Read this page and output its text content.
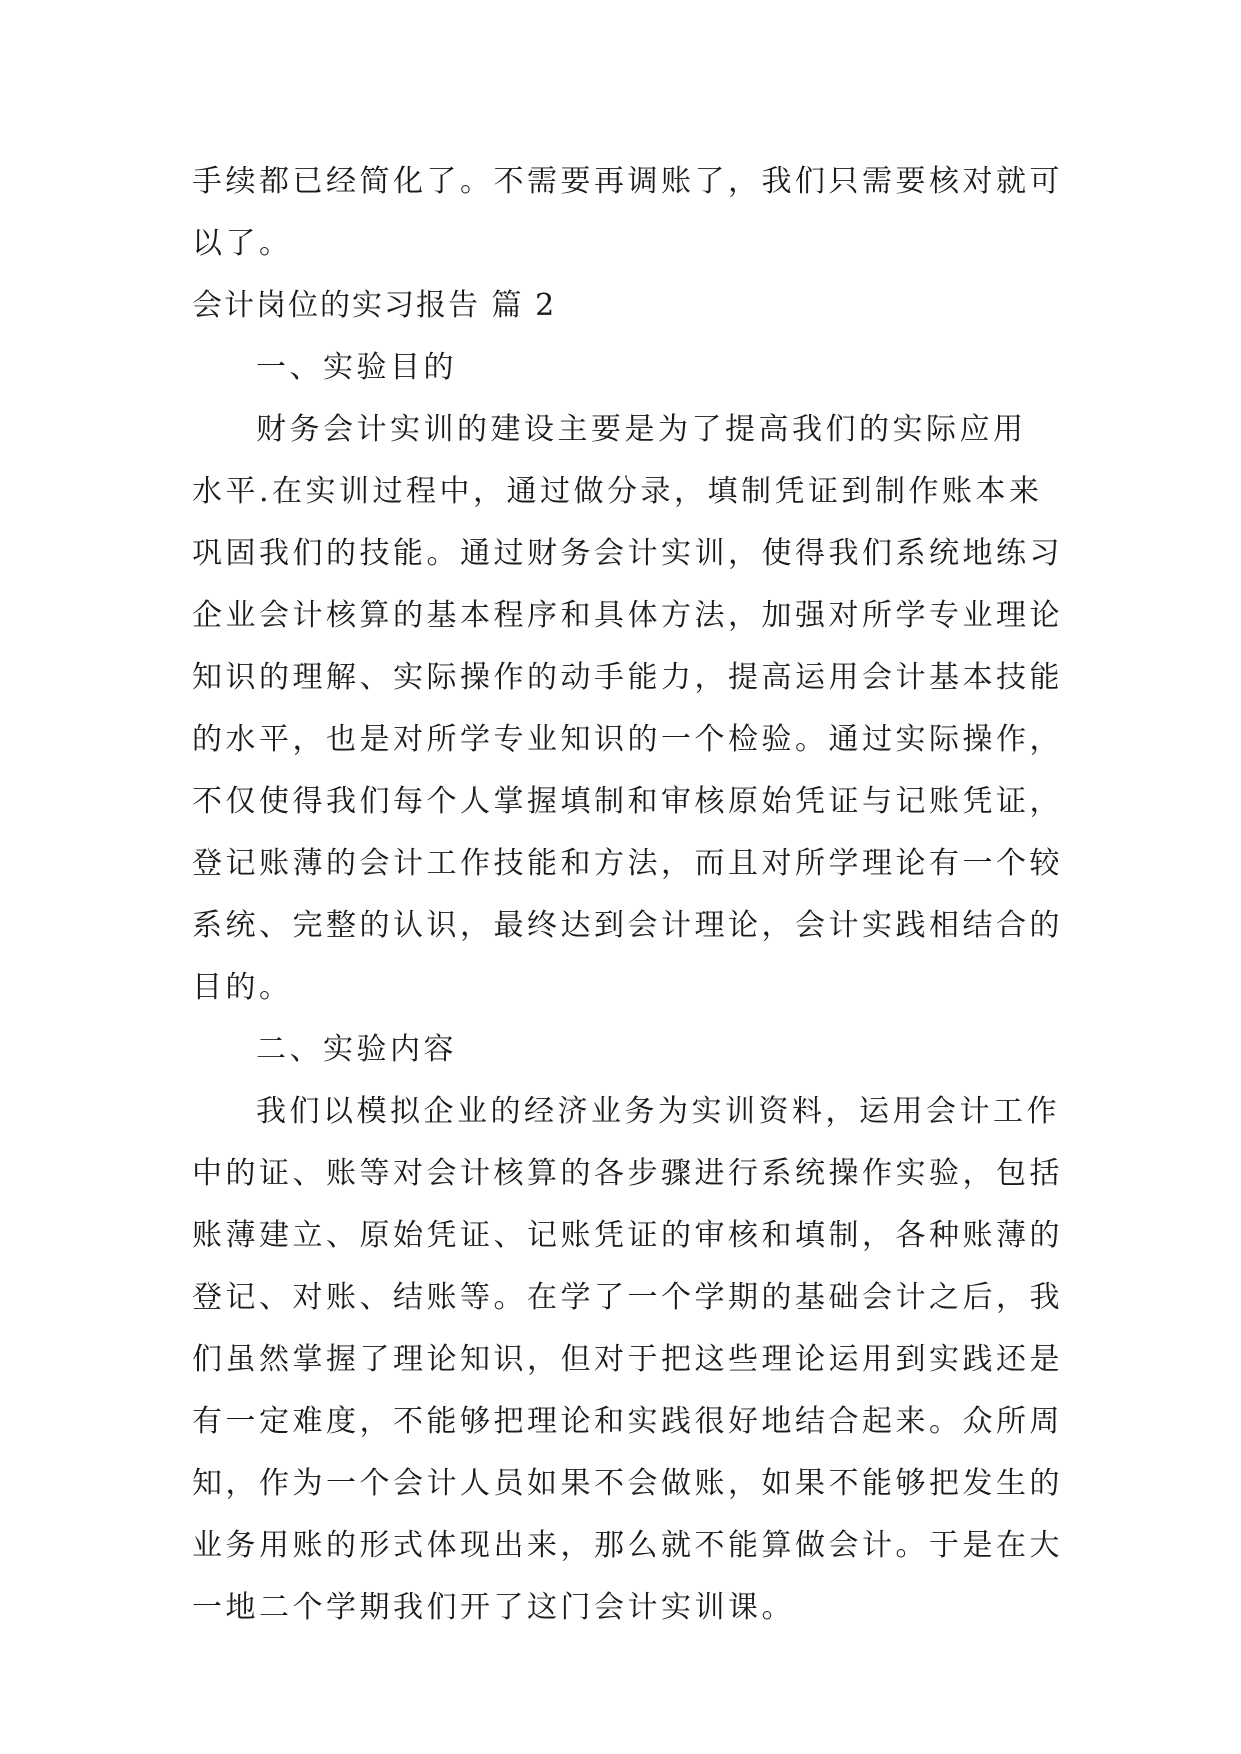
手续都已经简化了。不需要再调账了，我们只需要核对就可
以了。
会计岗位的实习报告 篇 2
一、实验目的
财务会计实训的建设主要是为了提高我们的实际应用
水平.在实训过程中，通过做分录，填制凭证到制作账本来
巩固我们的技能。通过财务会计实训，使得我们系统地练习
企业会计核算的基本程序和具体方法，加强对所学专业理论
知识的理解、实际操作的动手能力，提高运用会计基本技能
的水平，也是对所学专业知识的一个检验。通过实际操作，
不仅使得我们每个人掌握填制和审核原始凭证与记账凭证，
登记账薄的会计工作技能和方法，而且对所学理论有一个较
系统、完整的认识，最终达到会计理论，会计实践相结合的
目的。
二、实验内容
我们以模拟企业的经济业务为实训资料，运用会计工作
中的证、账等对会计核算的各步骤进行系统操作实验，包括
账薄建立、原始凭证、记账凭证的审核和填制，各种账薄的
登记、对账、结账等。在学了一个学期的基础会计之后，我
们虽然掌握了理论知识，但对于把这些理论运用到实践还是
有一定难度，不能够把理论和实践很好地结合起来。众所周
知，作为一个会计人员如果不会做账，如果不能够把发生的
业务用账的形式体现出来，那么就不能算做会计。于是在大
一地二个学期我们开了这门会计实训课。
